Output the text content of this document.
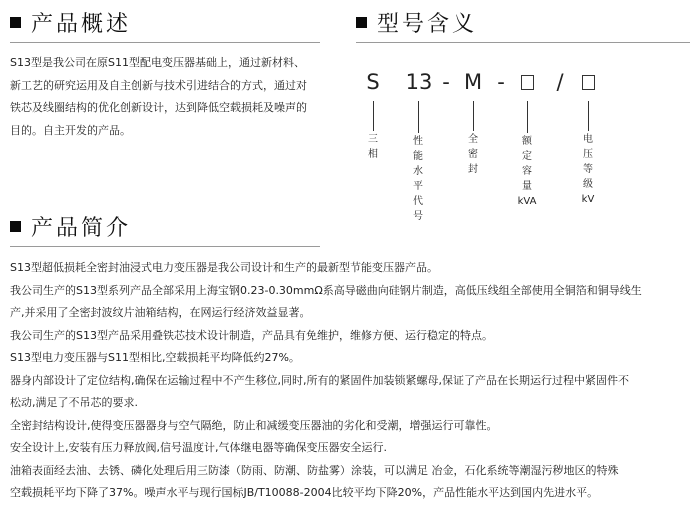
产品概述
S13型是我公司在原S11型配电变压器基础上，通过新材料、
新工艺的研究运用及自主创新与技术引进结合的方式，通过对
铁芯及线圈结构的优化创新设计，达到降低空载损耗及噪声的
目的。自主开发的产品。
型号含义
S 13 - M -	/
三
相
性
能
水
平
代
号
全
密
封
额
定
容
量
kVA
电
压
等
级
kV
产品简介
S13型超低损耗全密封油浸式电力变压器是我公司设计和生产的最新型节能变压器产品。
我公司生产的S13型系列产品全部采用上海宝钢0.23-0.30mmΩ系高导磁曲向硅钢片制造，高低压线组全部使用全铜箔和铜导线生
产,并采用了全密封波纹片油箱结构，在网运行经济效益显著。
我公司生产的S13型产品采用叠铁芯技术设计制造，产品具有免维护，维修方便、运行稳定的特点。
S13型电力变压器与S11型相比,空载损耗平均降低约27%。
器身内部设计了定位结构,确保在运输过程中不产生移位,同时,所有的紧固件加装锁紧螺母,保证了产品在长期运行过程中紧固件不
松动,满足了不吊芯的要求.
全密封结构设计,使得变压器器身与空气隔绝，防止和减缓变压器油的劣化和受潮，增强运行可靠性。
安全设计上,安装有压力释放阀,信号温度计,气体继电器等确保变压器安全运行.
油箱表面经去油、去锈、磷化处理后用三防漆（防雨、防潮、防盐雾）涂装，可以满足 冶金，石化系统等潮湿污秽地区的特殊
空载损耗平均下降了37%。噪声水平与现行国标JB/T10088-2004比较平均下降20%，产品性能水平达到国内先进水平。
